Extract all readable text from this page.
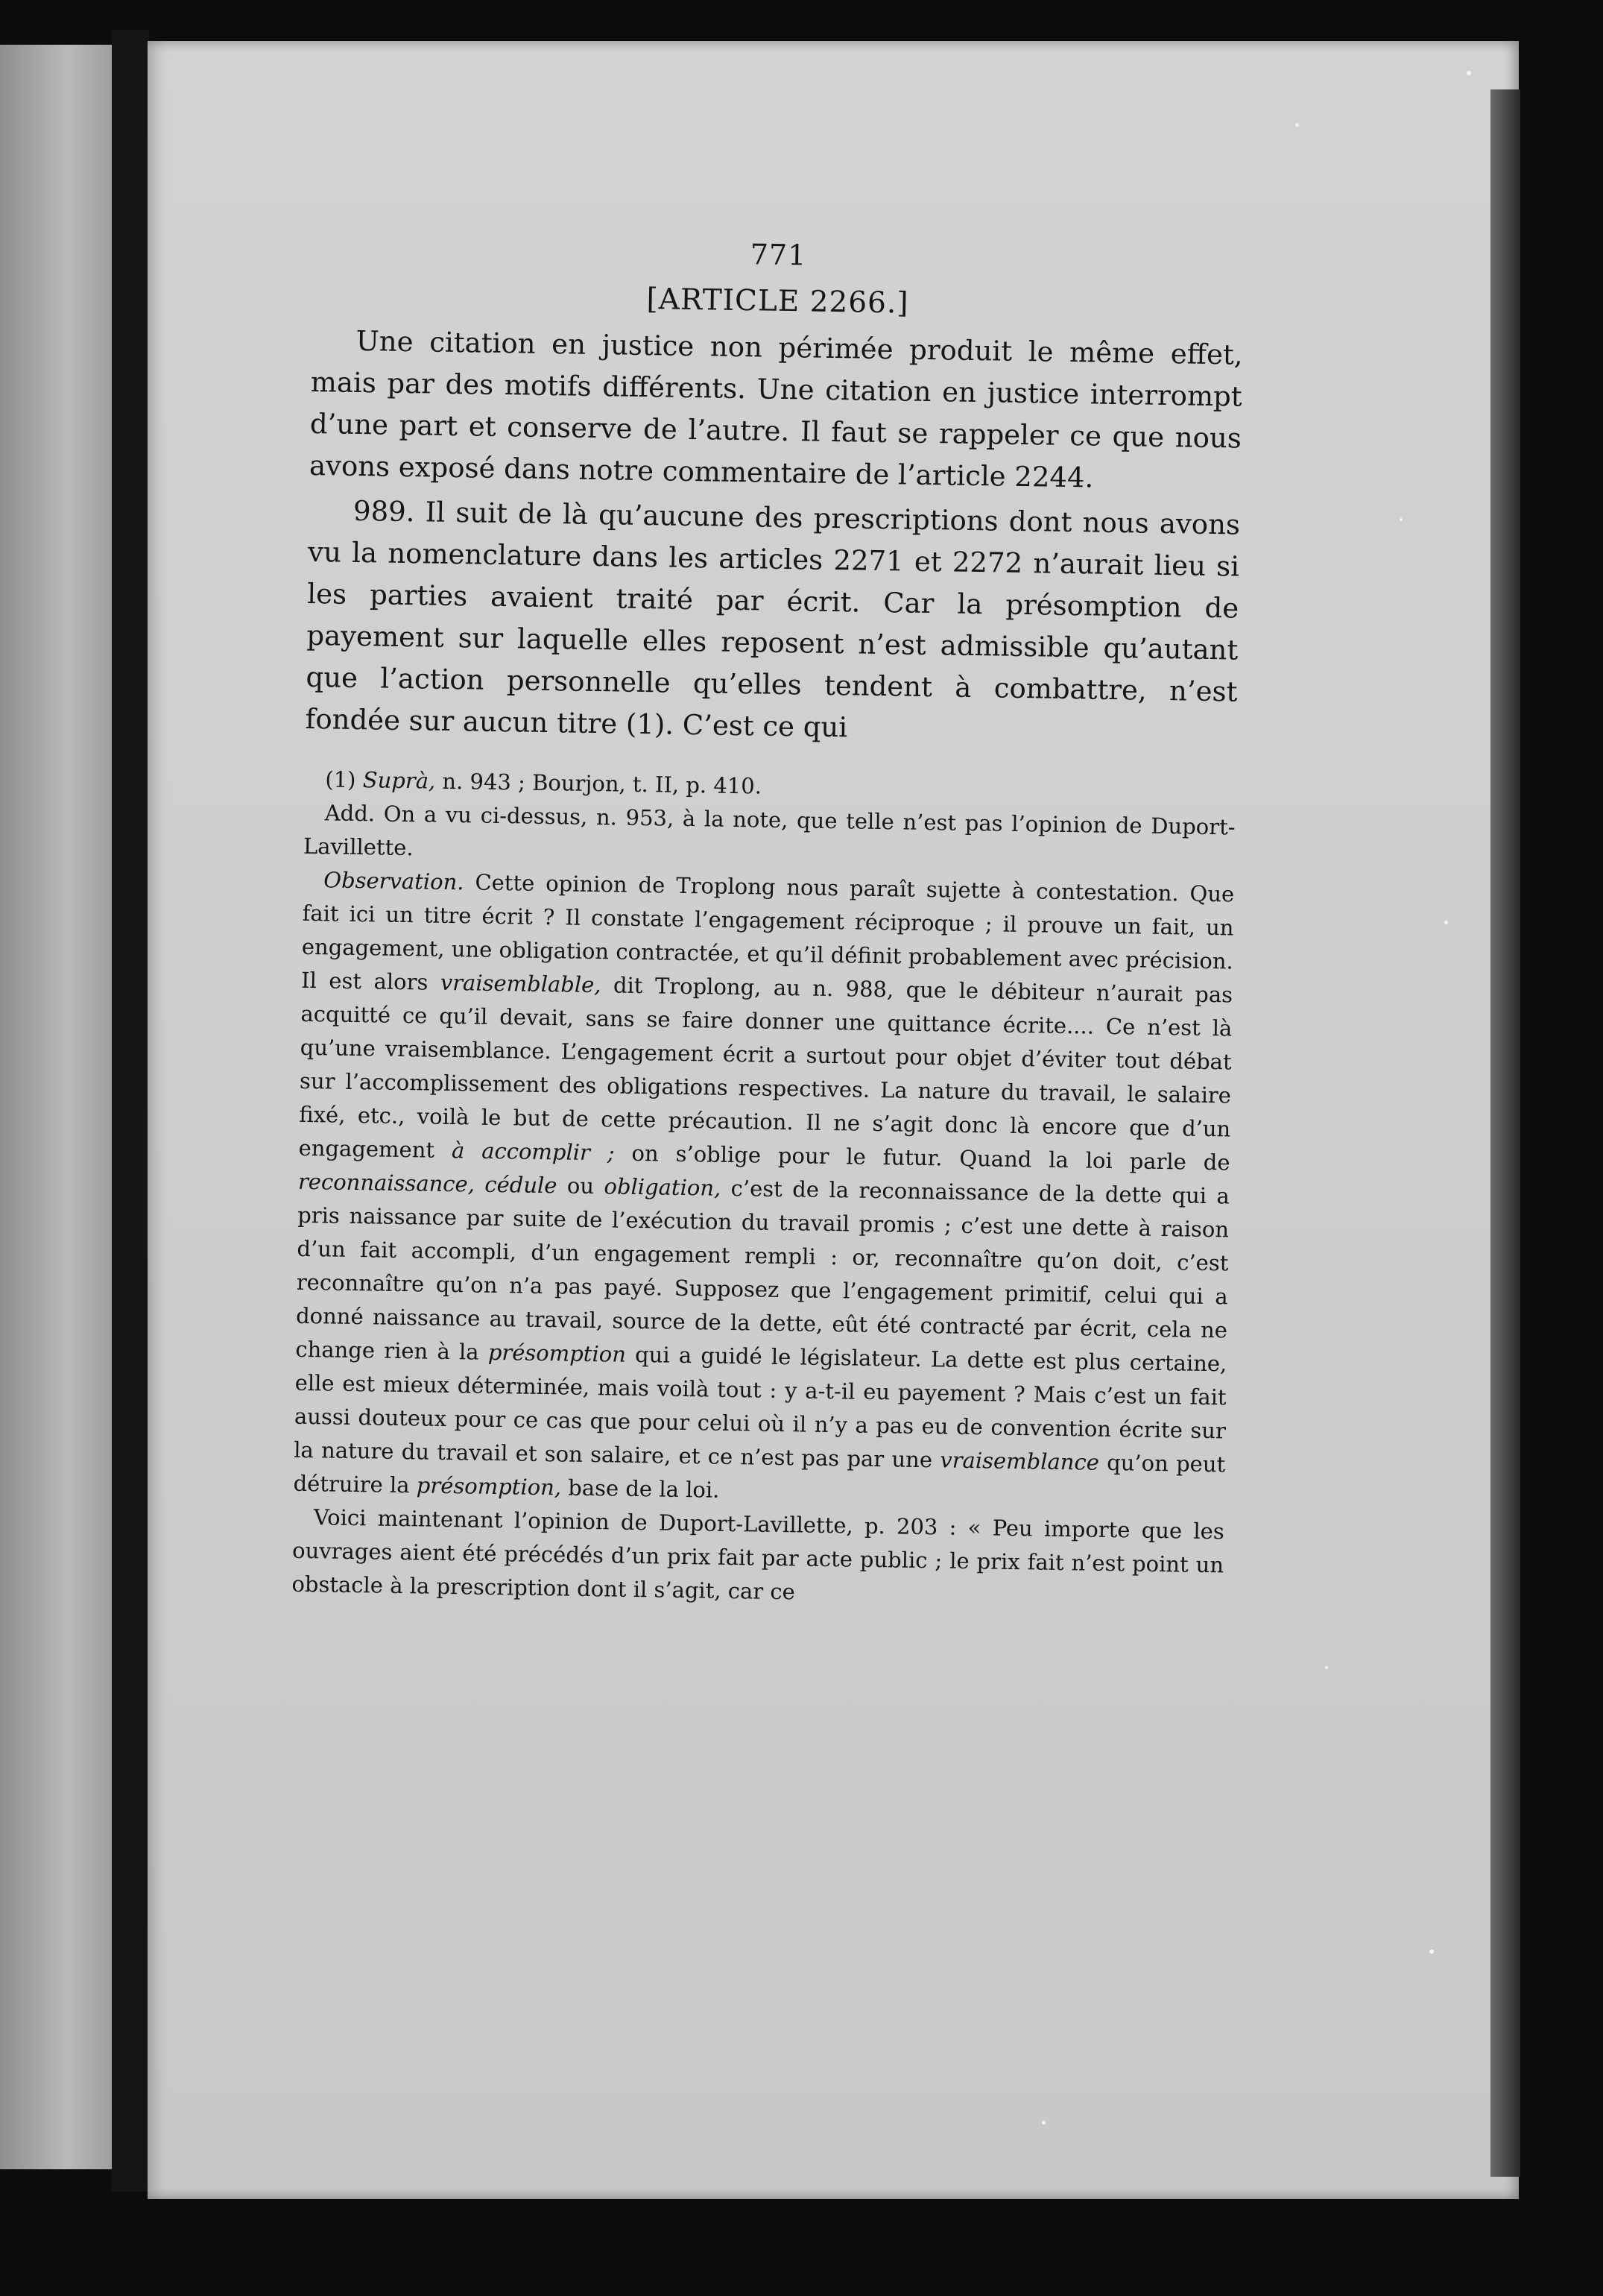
771
[ARTICLE 2266.]

Une citation en justice non périmée produit le même effet, mais par des motifs différents. Une citation en justice interrompt d’une part et conserve de l’autre. Il faut se rappeler ce que nous avons exposé dans notre commentaire de l’article 2244.

989. Il suit de là qu’aucune des prescriptions dont nous avons vu la nomenclature dans les articles 2271 et 2272 n’aurait lieu si les parties avaient traité par écrit. Car la présomption de payement sur laquelle elles reposent n’est admissible qu’autant que l’action personnelle qu’elles tendent à combattre, n’est fondée sur aucun titre (1). C’est ce qui

(1) Suprà, n. 943 ; Bourjon, t. II, p. 410.

Add. On a vu ci-dessus, n. 953, à la note, que telle n’est pas l’opinion de Duport-Lavillette.

Observation. Cette opinion de Troplong nous paraît sujette à contestation. Que fait ici un titre écrit ? Il constate l’engagement réciproque ; il prouve un fait, un engagement, une obligation contractée, et qu’il définit probablement avec précision. Il est alors vraisemblable, dit Troplong, au n. 988, que le débiteur n’aurait pas acquitté ce qu’il devait, sans se faire donner une quittance écrite.... Ce n’est là qu’une vraisemblance. L’engagement écrit a surtout pour objet d’éviter tout débat sur l’accomplissement des obligations respectives. La nature du travail, le salaire fixé, etc., voilà le but de cette précaution. Il ne s’agit donc là encore que d’un engagement à accomplir ; on s’oblige pour le futur. Quand la loi parle de reconnaissance, cédule ou obligation, c’est de la reconnaissance de la dette qui a pris naissance par suite de l’exécution du travail promis ; c’est une dette à raison d’un fait accompli, d’un engagement rempli : or, reconnaître qu’on doit, c’est reconnaître qu’on n’a pas payé. Supposez que l’engagement primitif, celui qui a donné naissance au travail, source de la dette, eût été contracté par écrit, cela ne change rien à la présomption qui a guidé le législateur. La dette est plus certaine, elle est mieux déterminée, mais voilà tout : y a-t-il eu payement ? Mais c’est un fait aussi douteux pour ce cas que pour celui où il n’y a pas eu de convention écrite sur la nature du travail et son salaire, et ce n’est pas par une vraisemblance qu’on peut détruire la présomption, base de la loi.

Voici maintenant l’opinion de Duport-Lavillette, p. 203 : « Peu importe que les ouvrages aient été précédés d’un prix fait par acte public ; le prix fait n’est point un obstacle à la prescription dont il s’agit, car ce
